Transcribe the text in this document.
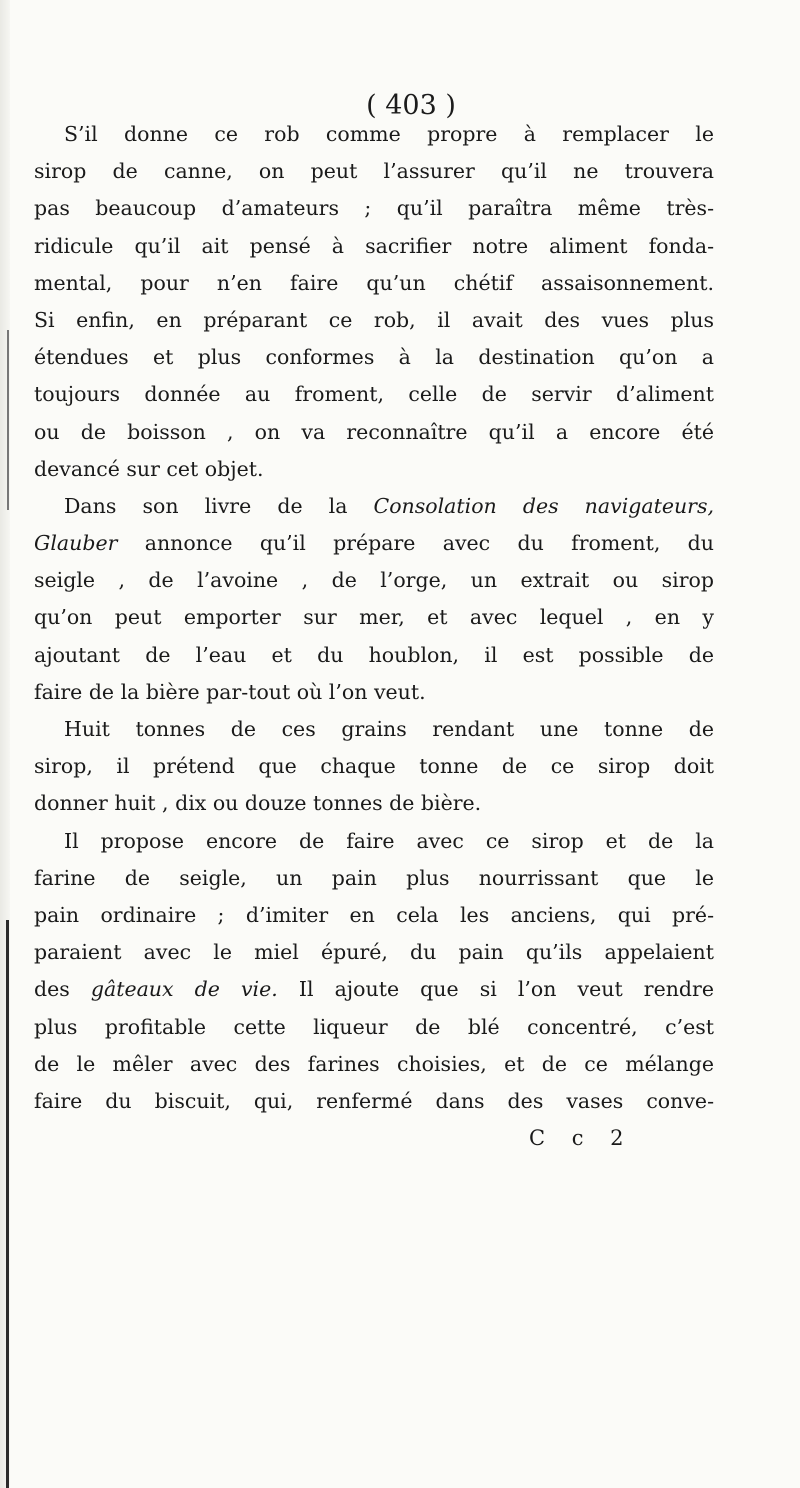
( 403 )
S’il donne ce rob comme propre à remplacer le
sirop de canne, on peut l’assurer qu’il ne trouvera
pas beaucoup d’amateurs ; qu’il paraîtra même très-
ridicule qu’il ait pensé à sacrifier notre aliment fonda-
mental, pour n’en faire qu’un chétif assaisonnement.
Si enfin, en préparant ce rob, il avait des vues plus
étendues et plus conformes à la destination qu’on a
toujours donnée au froment, celle de servir d’aliment
ou de boisson , on va reconnaître qu’il a encore été
devancé sur cet objet.
Dans son livre de la Consolation des navigateurs,
Glauber annonce qu’il prépare avec du froment, du
seigle , de l’avoine , de l’orge, un extrait ou sirop
qu’on peut emporter sur mer, et avec lequel , en y
ajoutant de l’eau et du houblon, il est possible de
faire de la bière par-tout où l’on veut.
Huit tonnes de ces grains rendant une tonne de
sirop, il prétend que chaque tonne de ce sirop doit
donner huit , dix ou douze tonnes de bière.
Il propose encore de faire avec ce sirop et de la
farine de seigle, un pain plus nourrissant que le
pain ordinaire ; d’imiter en cela les anciens, qui pré-
paraient avec le miel épuré, du pain qu’ils appelaient
des gâteaux de vie. Il ajoute que si l’on veut rendre
plus profitable cette liqueur de blé concentré, c’est
de le mêler avec des farines choisies, et de ce mélange
faire du biscuit, qui, renfermé dans des vases conve-
C c 2
